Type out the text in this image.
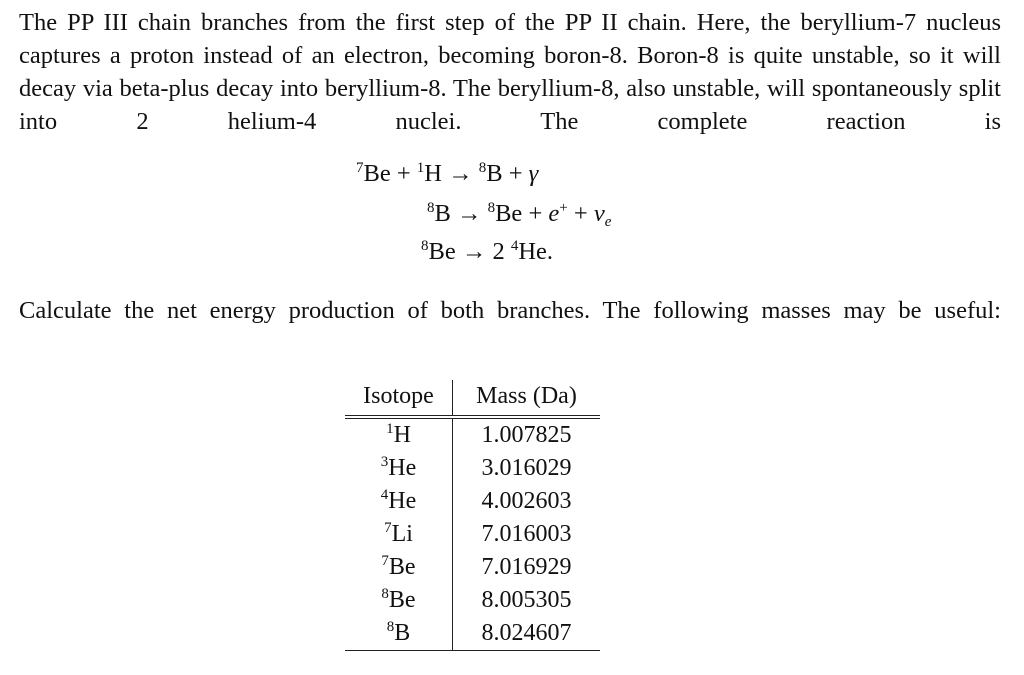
The PP III chain branches from the first step of the PP II chain. Here, the beryllium-7 nucleus captures a proton instead of an electron, becoming boron-8. Boron-8 is quite unstable, so it will decay via beta-plus decay into beryllium-8. The beryllium-8, also unstable, will spontaneously split into 2 helium-4 nuclei. The complete reaction is

$^7$Be + $^1$H → $^8$B + γ
$^8B \to ^8Be + e^+ + \nu_e$
$^8$Be → 2 $^4$He.

Calculate the net energy production of both branches. The following masses may be useful:

Isotope	Mass (Da)
$^1$H	1.007825
$^3$He	3.016029
$^4$He	4.002603
$^7$Li	7.016003
$^7$Be	7.016929
$^8$Be	8.005305
$^8$B	8.024607
